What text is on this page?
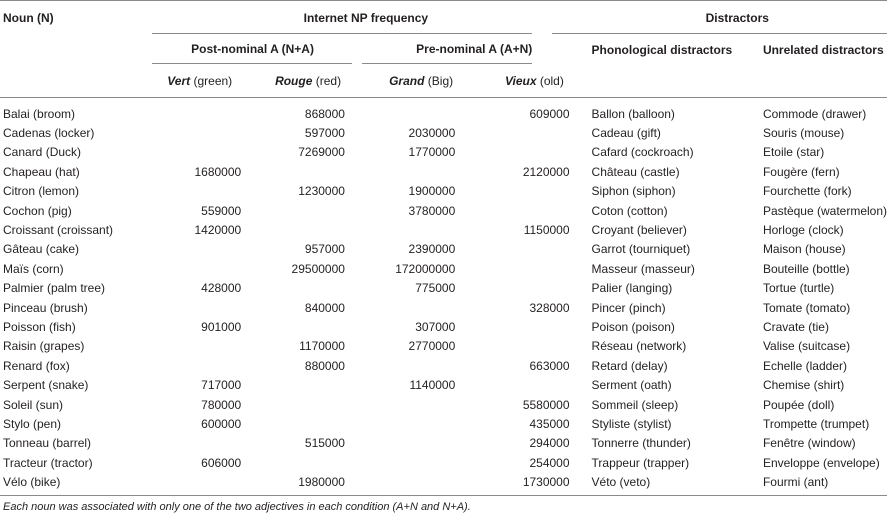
Noun (N)	Internet NP frequency				Distractors	
	Post-nominal A (N+A)		Pre-nominal A (A+N)		Phonological distractors	Unrelated distractors
	Vert (green)	Rouge (red)	Grand (Big)	Vieux (old)		
Balai (broom)		868000		609000	Ballon (balloon)	Commode (drawer)
Cadenas (locker)		597000	2030000		Cadeau (gift)	Souris (mouse)
Canard (Duck)		7269000	1770000		Cafard (cockroach)	Etoile (star)
Chapeau (hat)	1680000			2120000	Château (castle)	Fougère (fern)
Citron (lemon)		1230000	1900000		Siphon (siphon)	Fourchette (fork)
Cochon (pig)	559000		3780000		Coton (cotton)	Pastèque (watermelon)
Croissant (croissant)	1420000			1150000	Croyant (believer)	Horloge (clock)
Gâteau (cake)		957000	2390000		Garrot (tourniquet)	Maison (house)
Maïs (corn)		29500000	172000000		Masseur (masseur)	Bouteille (bottle)
Palmier (palm tree)	428000		775000		Palier (langing)	Tortue (turtle)
Pinceau (brush)		840000		328000	Pincer (pinch)	Tomate (tomato)
Poisson (fish)	901000		307000		Poison (poison)	Cravate (tie)
Raisin (grapes)		1170000	2770000		Réseau (network)	Valise (suitcase)
Renard (fox)		880000		663000	Retard (delay)	Echelle (ladder)
Serpent (snake)	717000		1140000		Serment (oath)	Chemise (shirt)
Soleil (sun)	780000			5580000	Sommeil (sleep)	Poupée (doll)
Stylo (pen)	600000			435000	Styliste (stylist)	Trompette (trumpet)
Tonneau (barrel)		515000		294000	Tonnerre (thunder)	Fenêtre (window)
Tracteur (tractor)	606000			254000	Trappeur (trapper)	Enveloppe (envelope)
Vélo (bike)		1980000		1730000	Véto (veto)	Fourmi (ant)
Each noun was associated with only one of the two adjectives in each condition (A+N and N+A).
